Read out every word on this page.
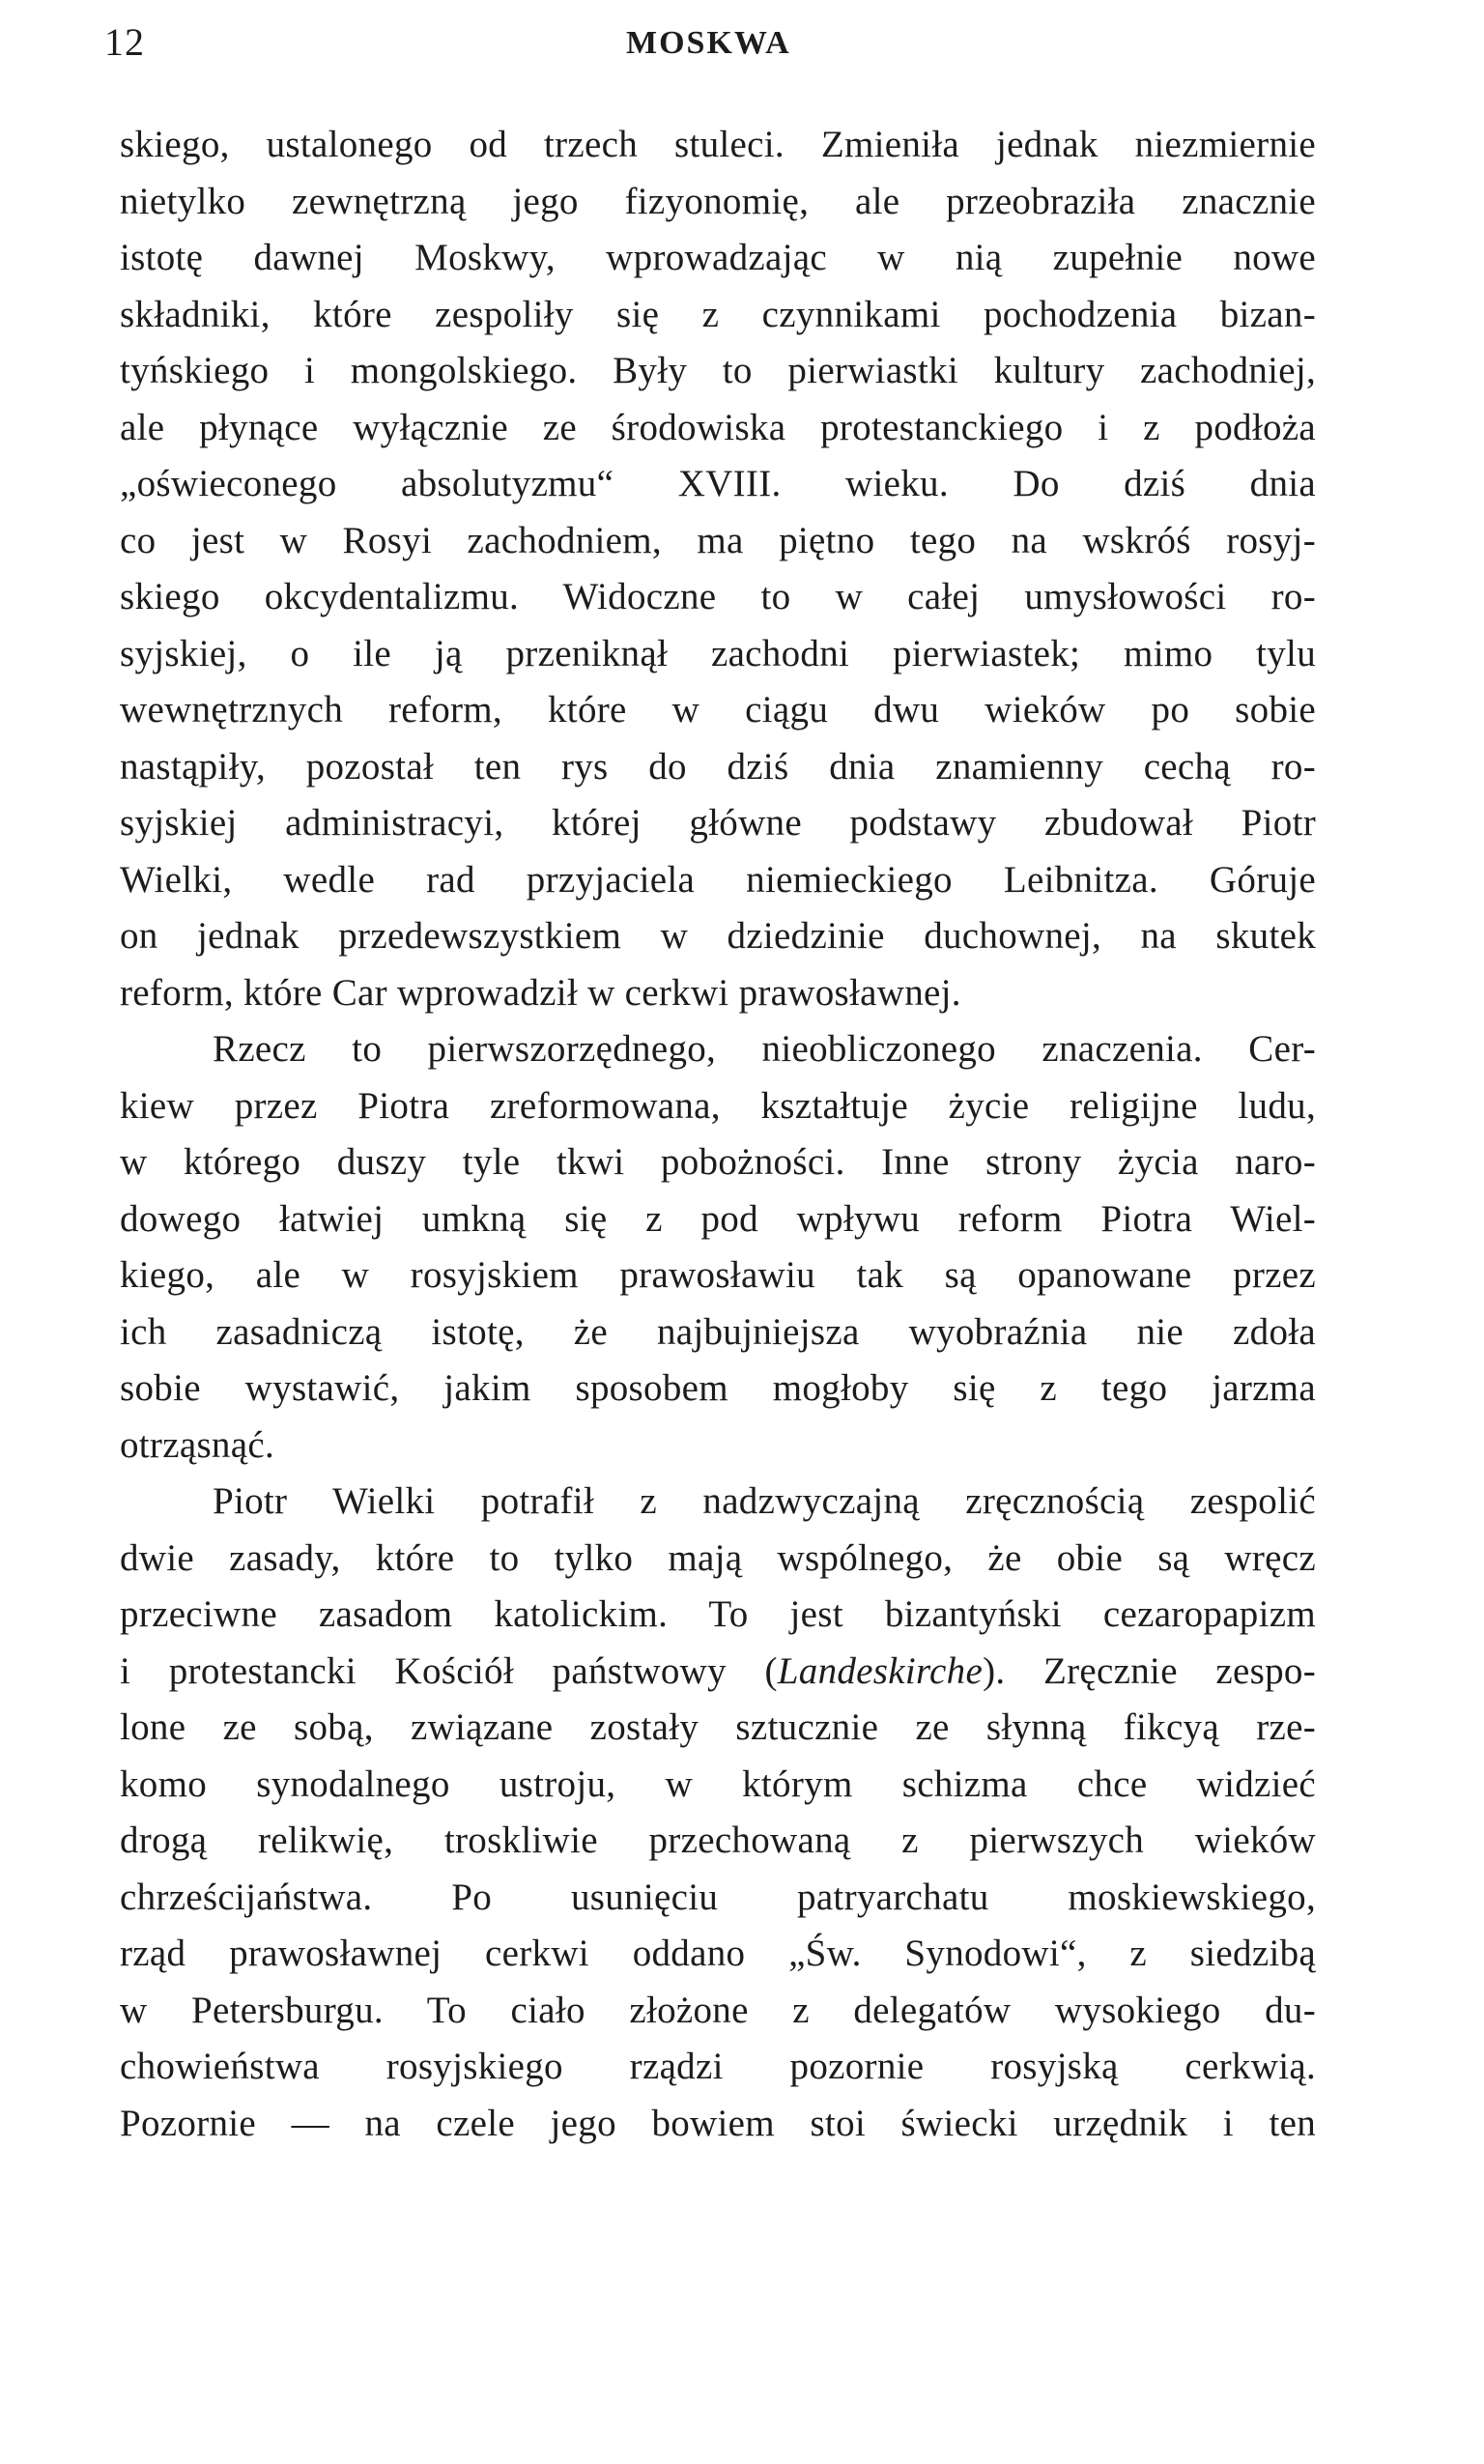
12	MOSKWA
skiego, ustalonego od trzech stuleci. Zmieniła jednak niezmiernie
nietylko zewnętrzną jego fizyonomię, ale przeobraziła znacznie
istotę dawnej Moskwy, wprowadzając w nią zupełnie nowe
składniki, które zespoliły się z czynnikami pochodzenia bizan-
tyńskiego i mongolskiego. Były to pierwiastki kultury zachodniej,
ale płynące wyłącznie ze środowiska protestanckiego i z podłoża
„oświeconego absolutyzmu“ XVIII. wieku. Do dziś dnia
co jest w Rosyi zachodniem, ma piętno tego na wskróś rosyj-
skiego okcydentalizmu. Widoczne to w całej umysłowości ro-
syjskiej, o ile ją przeniknął zachodni pierwiastek; mimo tylu
wewnętrznych reform, które w ciągu dwu wieków po sobie
nastąpiły, pozostał ten rys do dziś dnia znamienny cechą ro-
syjskiej administracyi, której główne podstawy zbudował Piotr
Wielki, wedle rad przyjaciela niemieckiego Leibnitza. Góruje
on jednak przedewszystkiem w dziedzinie duchownej, na skutek
reform, które Car wprowadził w cerkwi prawosławnej.
Rzecz to pierwszorzędnego, nieobliczonego znaczenia. Cer-
kiew przez Piotra zreformowana, kształtuje życie religijne ludu,
w którego duszy tyle tkwi pobożności. Inne strony życia naro-
dowego łatwiej umkną się z pod wpływu reform Piotra Wiel-
kiego, ale w rosyjskiem prawosławiu tak są opanowane przez
ich zasadniczą istotę, że najbujniejsza wyobraźnia nie zdoła
sobie wystawić, jakim sposobem mogłoby się z tego jarzma
otrząsnąć.
Piotr Wielki potrafił z nadzwyczajną zręcznością zespolić
dwie zasady, które to tylko mają wspólnego, że obie są wręcz
przeciwne zasadom katolickim. To jest bizantyński cezaropapizm
i protestancki Kościół państwowy (Landeskirche). Zręcznie zespo-
lone ze sobą, związane zostały sztucznie ze słynną fikcyą rze-
komo synodalnego ustroju, w którym schizma chce widzieć
drogą relikwię, troskliwie przechowaną z pierwszych wieków
chrześcijaństwa. Po usunięciu patryarchatu moskiewskiego,
rząd prawosławnej cerkwi oddano „Św. Synodowi“, z siedzibą
w Petersburgu. To ciało złożone z delegatów wysokiego du-
chowieństwa rosyjskiego rządzi pozornie rosyjską cerkwią.
Pozornie — na czele jego bowiem stoi świecki urzędnik i ten
